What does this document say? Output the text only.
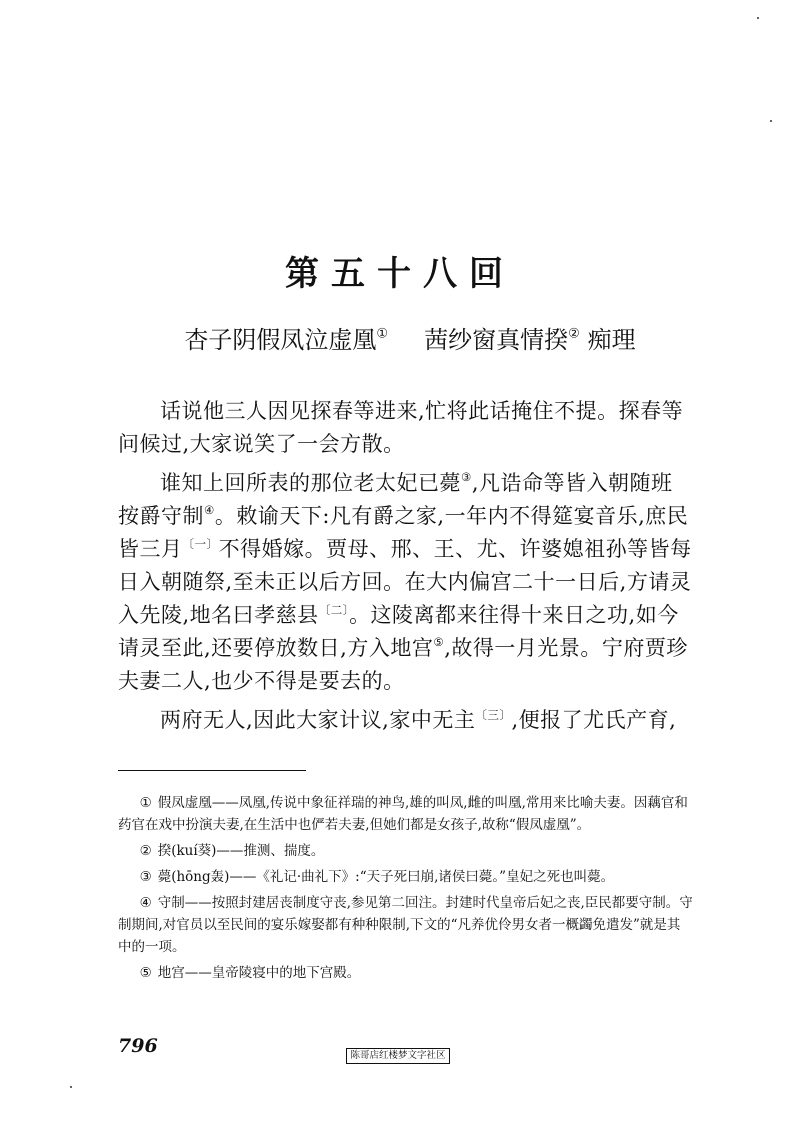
第五十八回
杏子阴假凤泣虚凰① 茜纱窗真情揆② 痴理

话说他三人因见探春等进来,忙将此话掩住不提。探春等问候过,大家说笑了一会方散。

谁知上回所表的那位老太妃已薨③,凡诰命等皆入朝随班按爵守制④。敕谕天下:凡有爵之家,一年内不得筵宴音乐,庶民皆三月$^{〔一〕}$不得婚嫁。贾母、邢、王、尤、许婆媳祖孙等皆每日入朝随祭,至未正以后方回。在大内偏宫二十一日后,方请灵入先陵,地名曰孝慈县$^{〔二〕}$。这陵离都来往得十来日之功,如今请灵至此,还要停放数日,方入地宫⑤,故得一月光景。宁府贾珍夫妻二人,也少不得是要去的。

两府无人,因此大家计议,家中无主$^{〔三〕}$,便报了尤氏产育,

① 假凤虚凰——凤凰,传说中象征祥瑞的神鸟,雄的叫凤,雌的叫凰,常用来比喻夫妻。因藕官和药官在戏中扮演夫妻,在生活中也俨若夫妻,但她们都是女孩子,故称“假凤虚凰”。

② 揆(kuí葵)——推测、揣度。

③ 薨(hōng轰)——《礼记·曲礼下》:“天子死曰崩,诸侯曰薨。”皇妃之死也叫薨。

④ 守制——按照封建居丧制度守丧,参见第二回注。封建时代皇帝后妃之丧,臣民都要守制。守制期间,对官员以至民间的宴乐嫁娶都有种种限制,下文的“凡养优伶男女者一概蠲免遣发”就是其中的一项。

⑤ 地宫——皇帝陵寝中的地下宫殿。

796	陈哥店红楼梦文字社区
